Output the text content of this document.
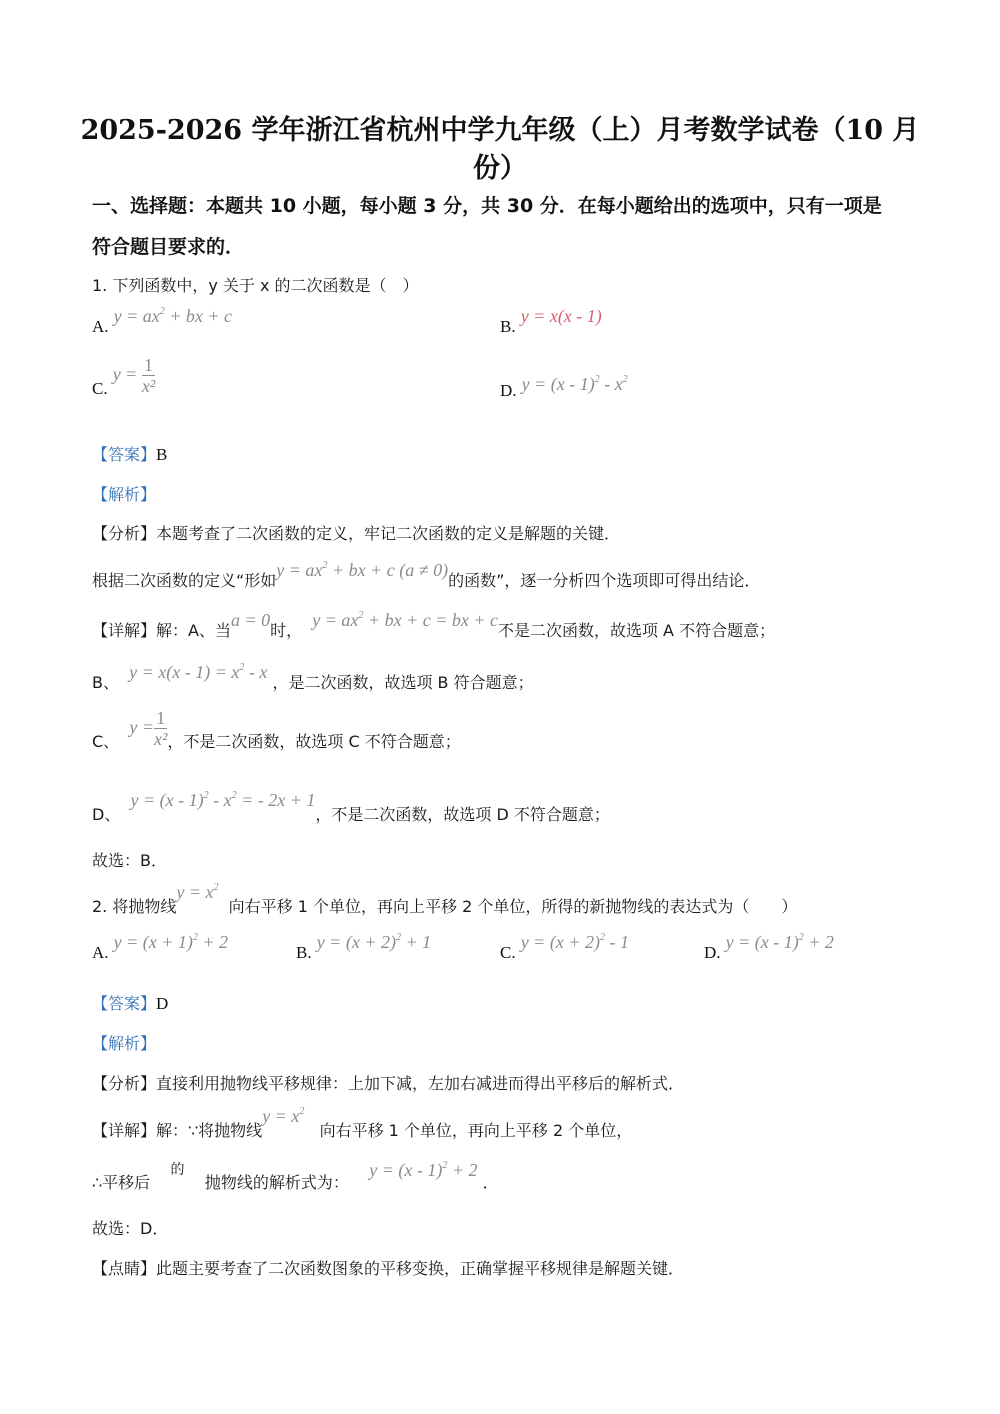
2025-2026 学年浙江省杭州中学九年级（上）月考数学试卷（10 月
份）
一、选择题：本题共 10 小题，每小题 3 分，共 30 分．在每小题给出的选项中，只有一项是
符合题目要求的．
1. 下列函数中，y 关于 x 的二次函数是（　）
A. $y = ax^2$ + bx + c
B. y = x(x - 1)
C. $y = \frac{1}{\text{x²}}$	D. $y = (x - 1)^2 - x^2$
【答案】B
【解析】
【分析】本题考查了二次函数的定义，牢记二次函数的定义是解题的关键．
根据二次函数的定义“形如$y = ax^2$ + bx + c (a ≠ 0)的函数”，逐一分析四个选项即可得出结论．
【详解】解：A、当a = 0时，  $y = ax^2$ + bx + c = bx + c不是二次函数，故选项 A 不符合题意；
B、  $y = x(x - 1) = x^2 - x$ ，是二次函数，故选项 B 符合题意；
C、  $y = \frac{1}{\text{x²}}$ ，不是二次函数，故选项 C 不符合题意；
D、  $y = (x - 1)^2 - x^2$ = - 2x + 1，不是二次函数，故选项 D 不符合题意；
故选：B．
2. 将抛物线$y = x^2$  向右平移 1 个单位，再向上平移 2 个单位，所得的新抛物线的表达式为（　　）
A. $y = (x + 1)^2 + 2$
B. $y = (x + 2)^2 + 1$
C. $y = (x + 2)^2 - 1$
D. y = (x - 1)$^2$ + 2
【答案】D
【解析】
【分析】直接利用抛物线平移规律：上加下减，左加右减进而得出平移后的解析式．
【详解】解：∵将抛物线$y = x^2$   向右平移 1 个单位，再向上平移 2 个单位，
∴平移后    的    抛物线的解析式为：    y = (x - 1)$^2$ + 2 ．
故选：D．
【点睛】此题主要考查了二次函数图象的平移变换，正确掌握平移规律是解题关键．
